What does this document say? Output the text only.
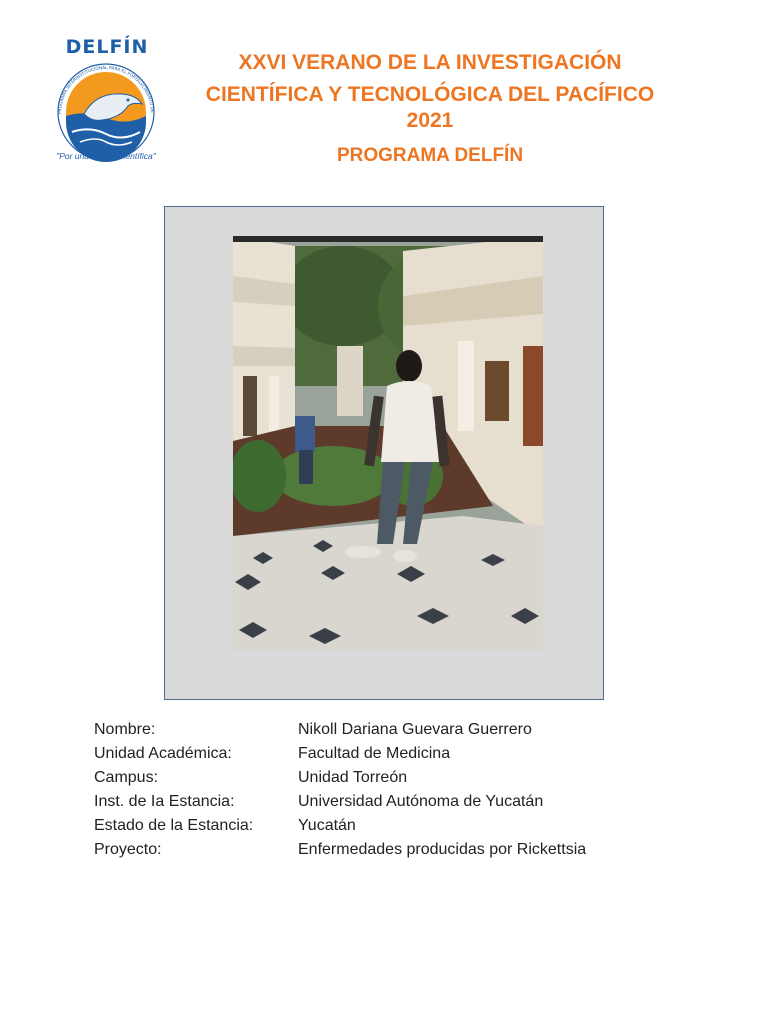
PROGRAMA INTERINSTITUCIONAL PARA EL FORTALECIMIENTO DE
DELFÍN
"Por una cultura científica"
XXVI VERANO DE LA INVESTIGACIÓN
CIENTÍFICA Y TECNOLÓGICA DEL PACÍFICO 2021
PROGRAMA DELFÍN
Nombre:	Nikoll Dariana Guevara Guerrero
Unidad Académica:	Facultad de Medicina
Campus:	Unidad Torreón
Inst. de Ia Estancia:	Universidad Autónoma de Yucatán
Estado de la Estancia:	Yucatán
Proyecto:	Enfermedades producidas por Rickettsia
